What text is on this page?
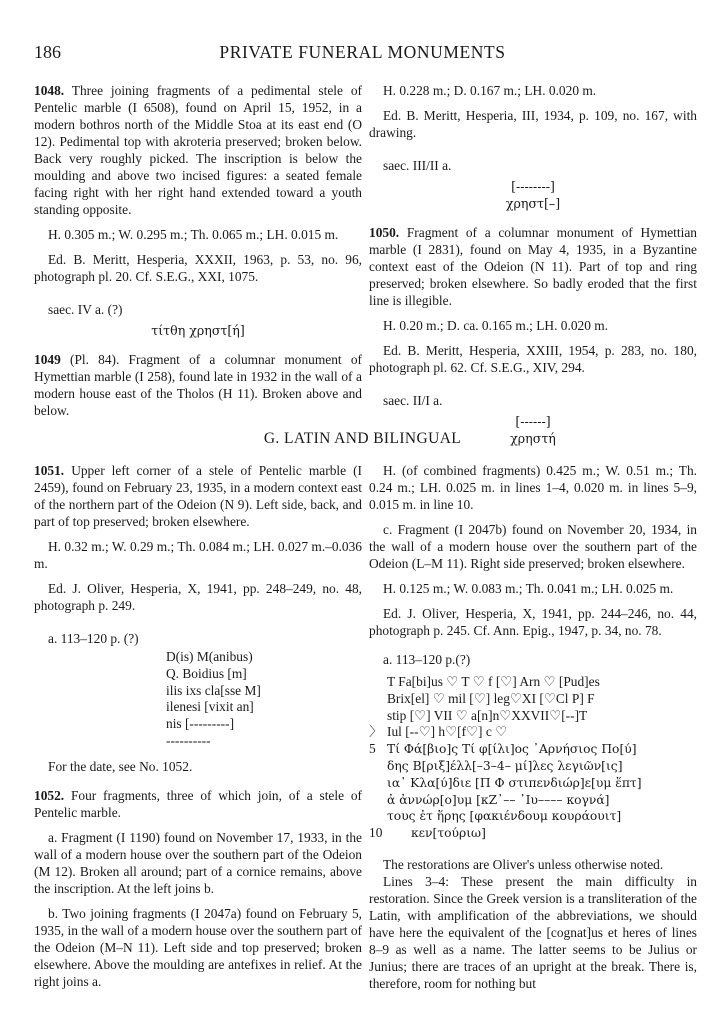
186	PRIVATE FUNERAL MONUMENTS

1048. Three joining fragments of a pedimental stele of Pentelic marble (I 6508), found on April 15, 1952, in a modern bothros north of the Middle Stoa at its east end (O 12). Pedimental top with akroteria preserved; broken below. Back very roughly picked. The inscription is below the moulding and above two incised figures: a seated female facing right with her right hand extended toward a youth standing opposite.

H. 0.305 m.; W. 0.295 m.; Th. 0.065 m.; LH. 0.015 m.

Ed. B. Meritt, Hesperia, XXXII, 1963, p. 53, no. 96, photograph pl. 20. Cf. S.E.G., XXI, 1075.

saec. IV a. (?)

τίτθη χρηστ[ή]

1049 (Pl. 84). Fragment of a columnar monument of Hymettian marble (I 258), found late in 1932 in the wall of a modern house east of the Tholos (H 11). Broken above and below.

H. 0.228 m.; D. 0.167 m.; LH. 0.020 m.

Ed. B. Meritt, Hesperia, III, 1934, p. 109, no. 167, with drawing.

saec. III/II a.

[--------]
χρηστ[–]

1050. Fragment of a columnar monument of Hymettian marble (I 2831), found on May 4, 1935, in a Byzantine context east of the Odeion (N 11). Part of top and ring preserved; broken elsewhere. So badly eroded that the first line is illegible.

H. 0.20 m.; D. ca. 0.165 m.; LH. 0.020 m.

Ed. B. Meritt, Hesperia, XXIII, 1954, p. 283, no. 180, photograph pl. 62. Cf. S.E.G., XIV, 294.

saec. II/I a.

[------]
χρηστή
G. LATIN AND BILINGUAL

1051. Upper left corner of a stele of Pentelic marble (I 2459), found on February 23, 1935, in a modern context east of the northern part of the Odeion (N 9). Left side, back, and part of top preserved; broken elsewhere.

H. 0.32 m.; W. 0.29 m.; Th. 0.084 m.; LH. 0.027 m.–0.036 m.

Ed. J. Oliver, Hesperia, X, 1941, pp. 248–249, no. 48, photograph p. 249.

a. 113–120 p. (?)

D(is) M(anibus)
Q. Boidius [m]
ilis ixs cla[sse M]
ilenesi [vixit an]
nis [---------]
----------

For the date, see No. 1052.

1052. Four fragments, three of which join, of a stele of Pentelic marble.

a. Fragment (I 1190) found on November 17, 1933, in the wall of a modern house over the southern part of the Odeion (M 12). Broken all around; part of a cornice remains, above the inscription. At the left joins b.

b. Two joining fragments (I 2047a) found on February 5, 1935, in the wall of a modern house over the southern part of the Odeion (M–N 11). Left side and top preserved; broken elsewhere. Above the moulding are antefixes in relief. At the right joins a.

H. (of combined fragments) 0.425 m.; W. 0.51 m.; Th. 0.24 m.; LH. 0.025 m. in lines 1–4, 0.020 m. in lines 5–9, 0.015 m. in line 10.

c. Fragment (I 2047b) found on November 20, 1934, in the wall of a modern house over the southern part of the Odeion (L–M 11). Right side preserved; broken elsewhere.

H. 0.125 m.; W. 0.083 m.; Th. 0.041 m.; LH. 0.025 m.

Ed. J. Oliver, Hesperia, X, 1941, pp. 244–246, no. 44, photograph p. 245. Cf. Ann. Epig., 1947, p. 34, no. 78.

a. 113–120 p.(?)

T Fa[bi]us ♡ T ♡ f [♡] Arn ♡ [Pud]es
Brix[el] ♡ mil [♡] leg♡XI [♡Cl P] F
stip [♡] VII ♡ a[n]n♡XXVII♡[--]T
〉 Iul [--♡] h♡[f♡] c ♡
5 Τί Φά[βιο]ς Τί φ[ίλι]ος ᾿Αρνήσιος Πο[ύ]
δης Β[ριξ]έλλ[–3–4– μί]λες λεγιῶν[ις]
ια᾿ Κλα[ύ]διε [Π Φ στιπενδιώρ]ε[υμ ἕπτ]
ἀ ἀννώρ[ο]υμ [κΖ᾿–– ᾿Ιυ–––– κογνά]
τους ἐτ ἥρης [φακιένδουμ κουράουιτ]
10	κεν[τούριω]

The restorations are Oliver's unless otherwise noted.

Lines 3–4: These present the main difficulty in restoration. Since the Greek version is a transliteration of the Latin, with amplification of the abbreviations, we should have here the equivalent of the [cognat]us et heres of lines 8–9 as well as a name. The latter seems to be Julius or Junius; there are traces of an upright at the break. There is, therefore, room for nothing but
